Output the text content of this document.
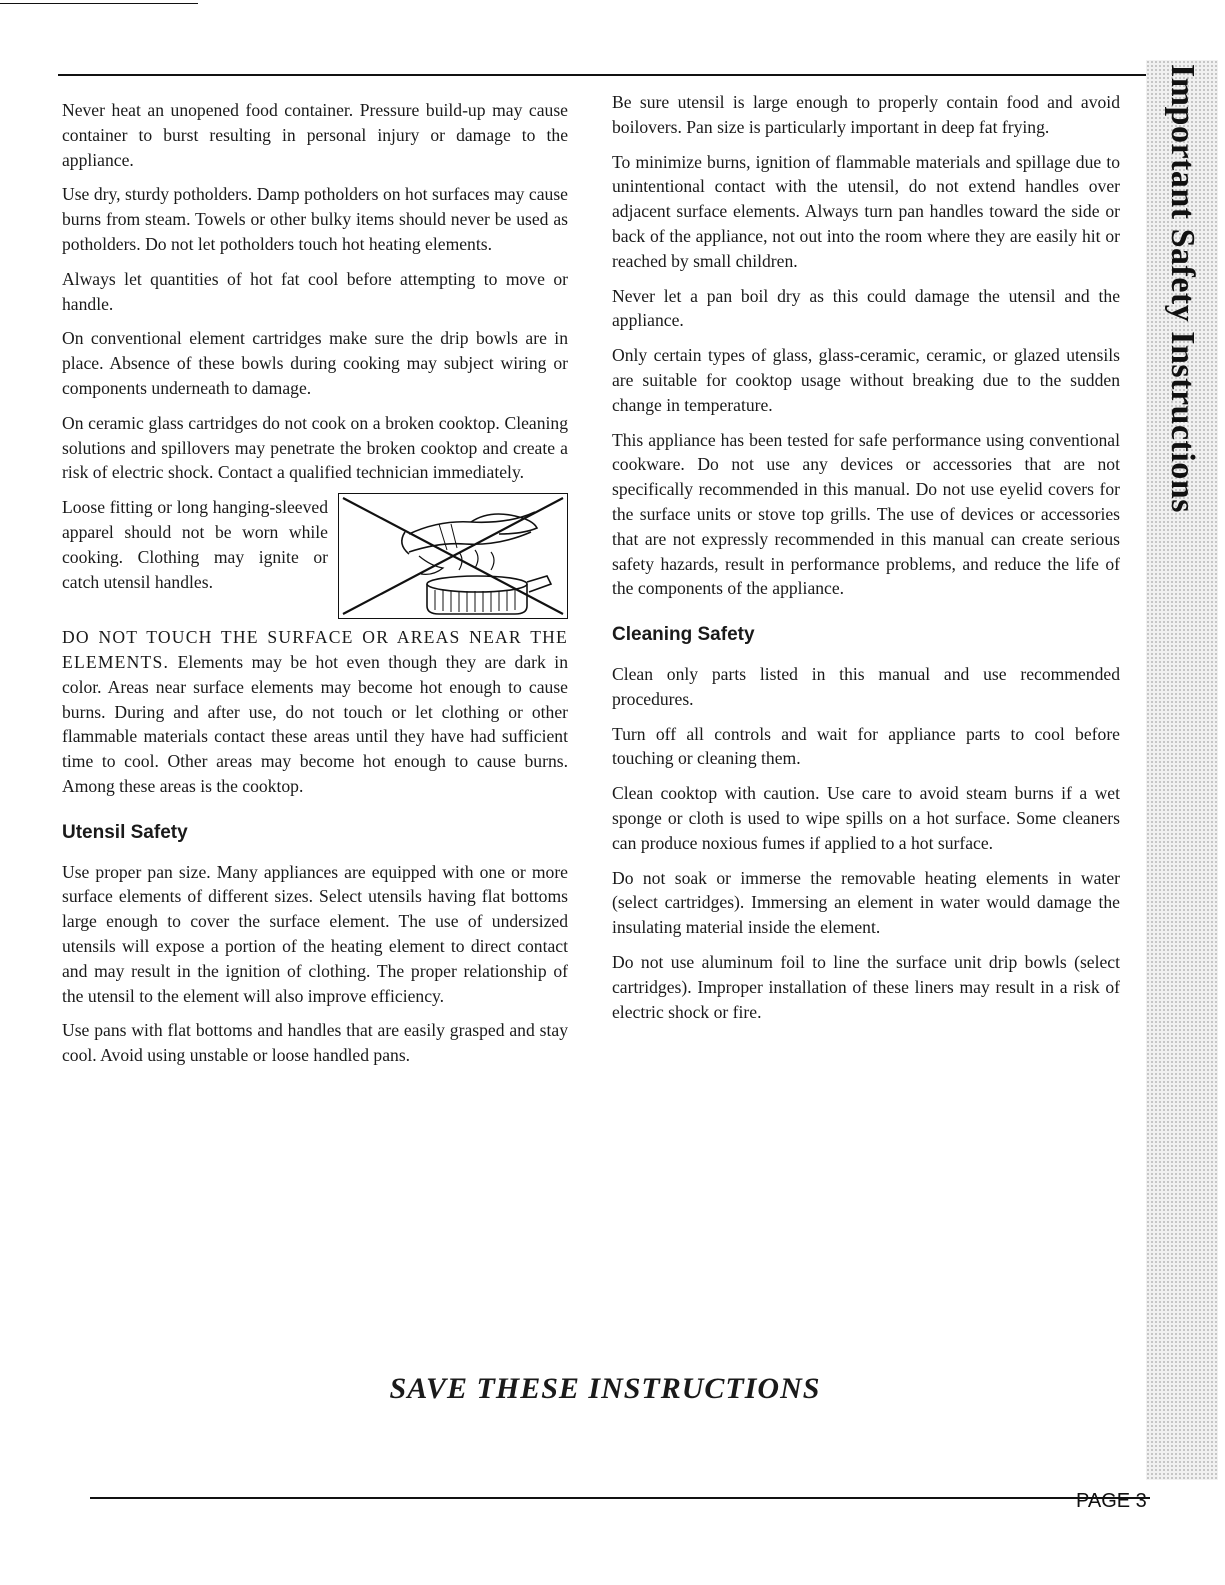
Important Safety Instructions

Never heat an unopened food container. Pressure build-up may cause container to burst resulting in personal injury or damage to the appliance.

Use dry, sturdy potholders. Damp potholders on hot surfaces may cause burns from steam. Towels or other bulky items should never be used as potholders. Do not let potholders touch hot heating elements.

Always let quantities of hot fat cool before attempting to move or handle.

On conventional element cartridges make sure the drip bowls are in place. Absence of these bowls during cooking may subject wiring or components underneath to damage.

On ceramic glass cartridges do not cook on a broken cooktop. Cleaning solutions and spillovers may penetrate the broken cooktop and create a risk of electric shock. Contact a qualified technician immediately.

Loose fitting or long hanging-sleeved apparel should not be worn while cooking. Clothing may ignite or catch utensil handles.

DO NOT TOUCH THE SURFACE OR AREAS NEAR THE ELEMENTS. Elements may be hot even though they are dark in color. Areas near surface elements may become hot enough to cause burns. During and after use, do not touch or let clothing or other flammable materials contact these areas until they have had sufficient time to cool. Other areas may become hot enough to cause burns. Among these areas is the cooktop.

Utensil Safety

Use proper pan size. Many appliances are equipped with one or more surface elements of different sizes. Select utensils having flat bottoms large enough to cover the surface element. The use of undersized utensils will expose a portion of the heating element to direct contact and may result in the ignition of clothing. The proper relationship of the utensil to the element will also improve efficiency.

Use pans with flat bottoms and handles that are easily grasped and stay cool. Avoid using unstable or loose handled pans.

Be sure utensil is large enough to properly contain food and avoid boilovers. Pan size is particularly important in deep fat frying.

To minimize burns, ignition of flammable materials and spillage due to unintentional contact with the utensil, do not extend handles over adjacent surface elements. Always turn pan handles toward the side or back of the appliance, not out into the room where they are easily hit or reached by small children.

Never let a pan boil dry as this could damage the utensil and the appliance.

Only certain types of glass, glass-ceramic, ceramic, or glazed utensils are suitable for cooktop usage without breaking due to the sudden change in temperature.

This appliance has been tested for safe performance using conventional cookware. Do not use any devices or accessories that are not specifically recommended in this manual. Do not use eyelid covers for the surface units or stove top grills. The use of devices or accessories that are not expressly recommended in this manual can create serious safety hazards, result in performance problems, and reduce the life of the components of the appliance.

Cleaning Safety

Clean only parts listed in this manual and use recommended procedures.

Turn off all controls and wait for appliance parts to cool before touching or cleaning them.

Clean cooktop with caution. Use care to avoid steam burns if a wet sponge or cloth is used to wipe spills on a hot surface. Some cleaners can produce noxious fumes if applied to a hot surface.

Do not soak or immerse the removable heating elements in water (select cartridges). Immersing an element in water would damage the insulating material inside the element.

Do not use aluminum foil to line the surface unit drip bowls (select cartridges). Improper installation of these liners may result in a risk of electric shock or fire.

SAVE THESE INSTRUCTIONS
PAGE 3
